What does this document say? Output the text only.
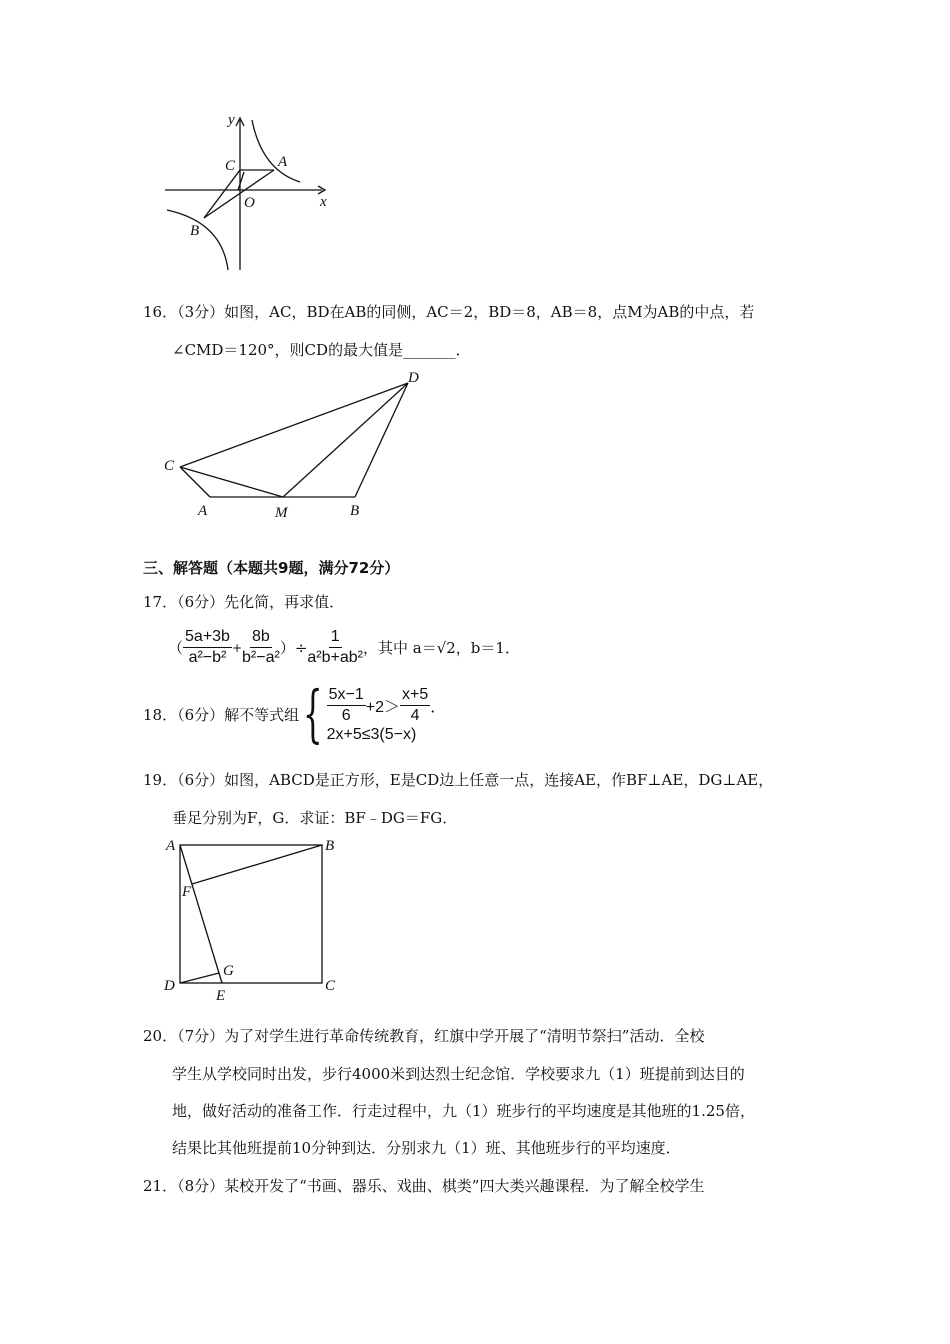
y
x
C	A
O
B
16．（3分）如图，AC，BD在AB的同侧，AC＝2，BD＝8，AB＝8，点M为AB的中点，若
∠CMD＝120°，则CD的最大值是_______．
C
D
A	M	B
三、解答题（本题共9题，满分72分）
17．（6分）先化简，再求值．
（ $\frac{5a+3b}{\text{a²−b²}} + \frac{8b}{\text{b²−a²}}$ ）÷ $\frac{1}{\text{a²b+ab²}}$ ，其中 a＝√2，b＝1．
18．（6分）解不等式组 { $\frac{5x-1}{6} +2> \frac{x+5}{4}$ ．
2x+5≤3(5−x)
19．（6分）如图，ABCD是正方形，E是CD边上任意一点，连接AE，作BF⊥AE，DG⊥AE，
垂足分别为F，G．求证：BF﹣DG＝FG．
A	B
C
D
E
F
G
20．（7分）为了对学生进行革命传统教育，红旗中学开展了“清明节祭扫”活动．全校
学生从学校同时出发，步行4000米到达烈士纪念馆．学校要求九（1）班提前到达目的
地，做好活动的准备工作．行走过程中，九（1）班步行的平均速度是其他班的1.25倍，
结果比其他班提前10分钟到达．分别求九（1）班、其他班步行的平均速度．
21．（8分）某校开发了“书画、器乐、戏曲、棋类”四大类兴趣课程．为了解全校学生
